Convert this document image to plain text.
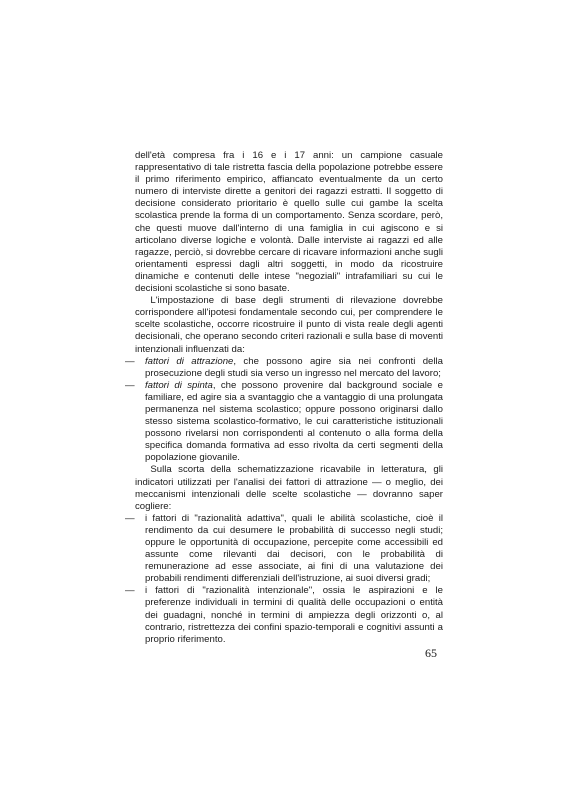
dell'età compresa fra i 16 e i 17 anni: un campione casuale rappresentativo di tale ristretta fascia della popolazione potrebbe essere il primo riferimento empirico, affiancato eventualmente da un certo numero di interviste dirette a genitori dei ragazzi estratti. Il soggetto di decisione considerato prioritario è quello sulle cui gambe la scelta scolastica prende la forma di un comportamento. Senza scordare, però, che questi muove dall'interno di una famiglia in cui agiscono e si articolano diverse logiche e volontà. Dalle interviste ai ragazzi ed alle ragazze, perciò, si dovrebbe cercare di ricavare informazioni anche sugli orientamenti espressi dagli altri soggetti, in modo da ricostruire dinamiche e contenuti delle intese "negoziali" intrafamiliari su cui le decisioni scolastiche si sono basate.

L'impostazione di base degli strumenti di rilevazione dovrebbe corrispondere all'ipotesi fondamentale secondo cui, per comprendere le scelte scolastiche, occorre ricostruire il punto di vista reale degli agenti decisionali, che operano secondo criteri razionali e sulla base di moventi intenzionali influenzati da:

— fattori di attrazione, che possono agire sia nei confronti della prosecuzione degli studi sia verso un ingresso nel mercato del lavoro;
— fattori di spinta, che possono provenire dal background sociale e familiare, ed agire sia a svantaggio che a vantaggio di una prolungata permanenza nel sistema scolastico; oppure possono originarsi dallo stesso sistema scolastico-formativo, le cui caratteristiche istituzionali possono rivelarsi non corrispondenti al contenuto o alla forma della specifica domanda formativa ad esso rivolta da certi segmenti della popolazione giovanile.

Sulla scorta della schematizzazione ricavabile in letteratura, gli indicatori utilizzati per l'analisi dei fattori di attrazione — o meglio, dei meccanismi intenzionali delle scelte scolastiche — dovranno saper cogliere:

— i fattori di "razionalità adattiva", quali le abilità scolastiche, cioè il rendimento da cui desumere le probabilità di successo negli studi; oppure le opportunità di occupazione, percepite come accessibili ed assunte come rilevanti dai decisori, con le probabilità di remunerazione ad esse associate, ai fini di una valutazione dei probabili rendimenti differenziali dell'istruzione, ai suoi diversi gradi;
— i fattori di "razionalità intenzionale", ossia le aspirazioni e le preferenze individuali in termini di qualità delle occupazioni o entità dei guadagni, nonché in termini di ampiezza degli orizzonti o, al contrario, ristrettezza dei confini spazio-temporali e cognitivi assunti a proprio riferimento.
65
